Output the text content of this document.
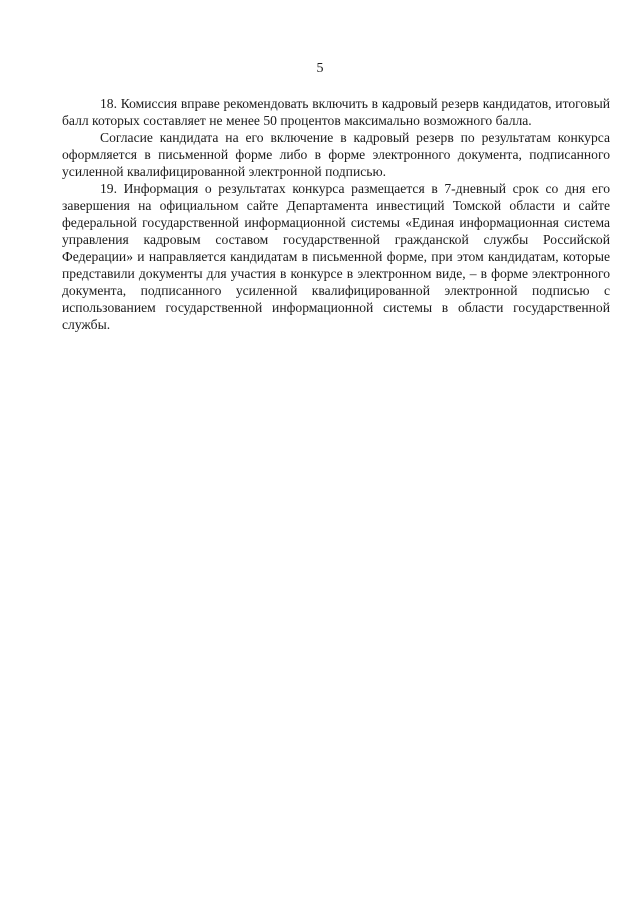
5

18. Комиссия вправе рекомендовать включить в кадровый резерв кандидатов, итоговый балл которых составляет не менее 50 процентов максимально возможного балла.

Согласие кандидата на его включение в кадровый резерв по результатам конкурса оформляется в письменной форме либо в форме электронного документа, подписанного усиленной квалифицированной электронной подписью.

19. Информация о результатах конкурса размещается в 7-дневный срок со дня его завершения на официальном сайте Департамента инвестиций Томской области и сайте федеральной государственной информационной системы «Единая информационная система управления кадровым составом государственной гражданской службы Российской Федерации» и направляется кандидатам в письменной форме, при этом кандидатам, которые представили документы для участия в конкурсе в электронном виде, – в форме электронного документа, подписанного усиленной квалифицированной электронной подписью с использованием государственной информационной системы в области государственной службы.
